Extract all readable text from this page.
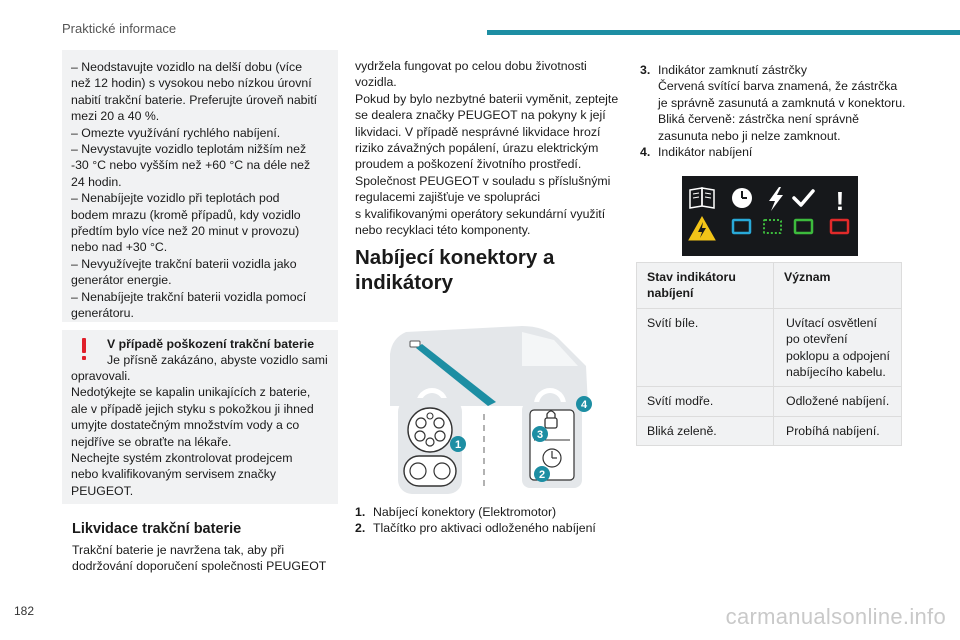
Praktické informace

– Neodstavujte vozidlo na delší dobu (více

než 12 hodin) s vysokou nebo nízkou úrovní

nabití trakční baterie. Preferujte úroveň nabití

mezi 20 a 40 %.

– Omezte využívání rychlého nabíjení.

– Nevystavujte vozidlo teplotám nižším než

-30 °C nebo vyšším než +60 °C na déle než

24 hodin.

– Nenabíjejte vozidlo při teplotách pod

bodem mrazu (kromě případů, kdy vozidlo

předtím bylo více než 20 minut v provozu)

nebo nad +30 °C.

– Nevyužívejte trakční baterii vozidla jako

generátor energie.

– Nenabíjejte trakční baterii vozidla pomocí

generátoru.

V případě poškození trakční baterie
Je přísně zakázáno, abyste vozidlo sami

opravovali.

Nedotýkejte se kapalin unikajících z baterie,

ale v případě jejich styku s pokožkou ji ihned

umyjte dostatečným množstvím vody a co

nejdříve se obraťte na lékaře.

Nechejte systém zkontrolovat prodejcem

nebo kvalifikovaným servisem značky

PEUGEOT.

Likvidace trakční baterie

Trakční baterie je navržena tak, aby při

dodržování doporučení společnosti PEUGEOT

vydržela fungovat po celou dobu životnosti

vozidla.

Pokud by bylo nezbytné baterii vyměnit, zeptejte

se dealera značky PEUGEOT na pokyny k její

likvidaci. V případě nesprávné likvidace hrozí

riziko závažných popálení, úrazu elektrickým

proudem a poškození životního prostředí.

Společnost PEUGEOT v souladu s příslušnými

regulacemi zajišťuje ve spolupráci

s kvalifikovanými operátory sekundární využití

nebo recyklaci této komponenty.

Nabíjecí konektory a indikátory
1
2
3
4
1. Nabíjecí konektory (Elektromotor)
2. Tlačítko pro aktivaci odloženého nabíjení
3. Indikátor zamknutí zástrčky

Červená svítící barva znamená, že zástrčka

je správně zasunutá a zamknutá v konektoru.

Bliká červeně: zástrčka není správně

zasunuta nebo ji nelze zamknout.

4. Indikátor nabíjení

!
Stav indikátoru nabíjení	Význam
Svítí bíle.	Uvítací osvětlení po otevření poklopu a odpojení nabíjecího kabelu.
Svítí modře.	Odložené nabíjení.
Bliká zeleně.	Probíhá nabíjení.
182	carmanualsonline.info
